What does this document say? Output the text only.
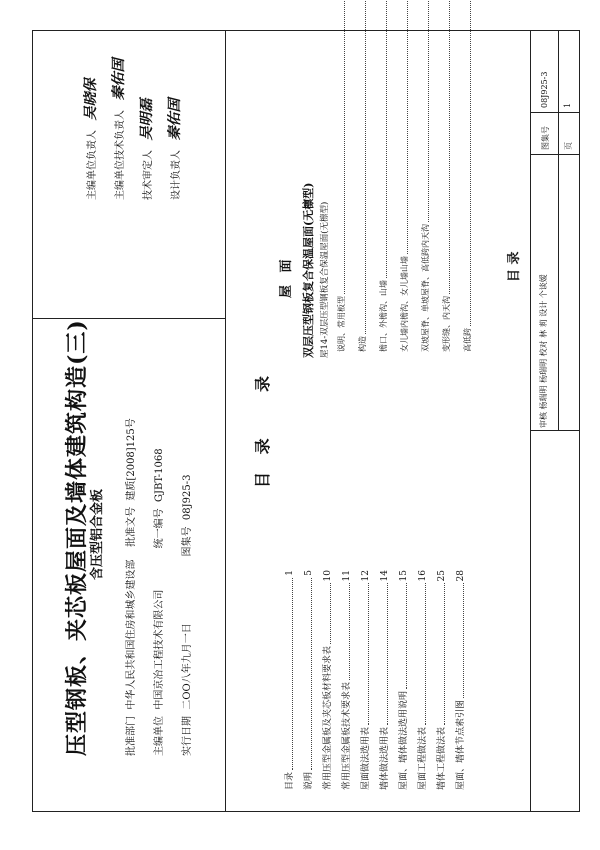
压型钢板、夹芯板屋面及墙体建筑构造(三) 含压型铝合金板
批准部门  中华人民共和国住房和城乡建设部    批准文号  建质[2008]125号
主编单位  中国京冶工程技术有限公司             统一编号  GJBT-1068
实行日期  二OO八年九月一日                     图集号  08J925-3
主编单位负责人   吴晓保
主编单位技术负责人   秦佑国
技术审定人   吴明磊
设计负责人   秦佑国
目 录
目录
1
说明
5
常用压型金属板及夹芯板材料要求表
10
常用压型金属板技术要求表
11
屋面做法选用表
12
墙体做法选用表
14
屋面、墙体做法选用说明
15
屋面工程做法表
16
墙体工程做法表
25
屋面、墙体节点索引图
28
录
屋 面 双层压型钢板复合保温屋面(无檩型) 屋14-双层压型钢板复合保温屋面(无檩型) 说明、常用板型 构造 檐口、外檐沟、山墙 女儿墙内檐沟、女儿墙山墙 双坡屋脊、单坡屋脊、高低跨内天沟 变形缝、内天沟 高低跨
目 录
审核 杨瑞明 杨瑞明 校对 林 莉 设计 个谈嫒
图集号
08J925-3
页
1
